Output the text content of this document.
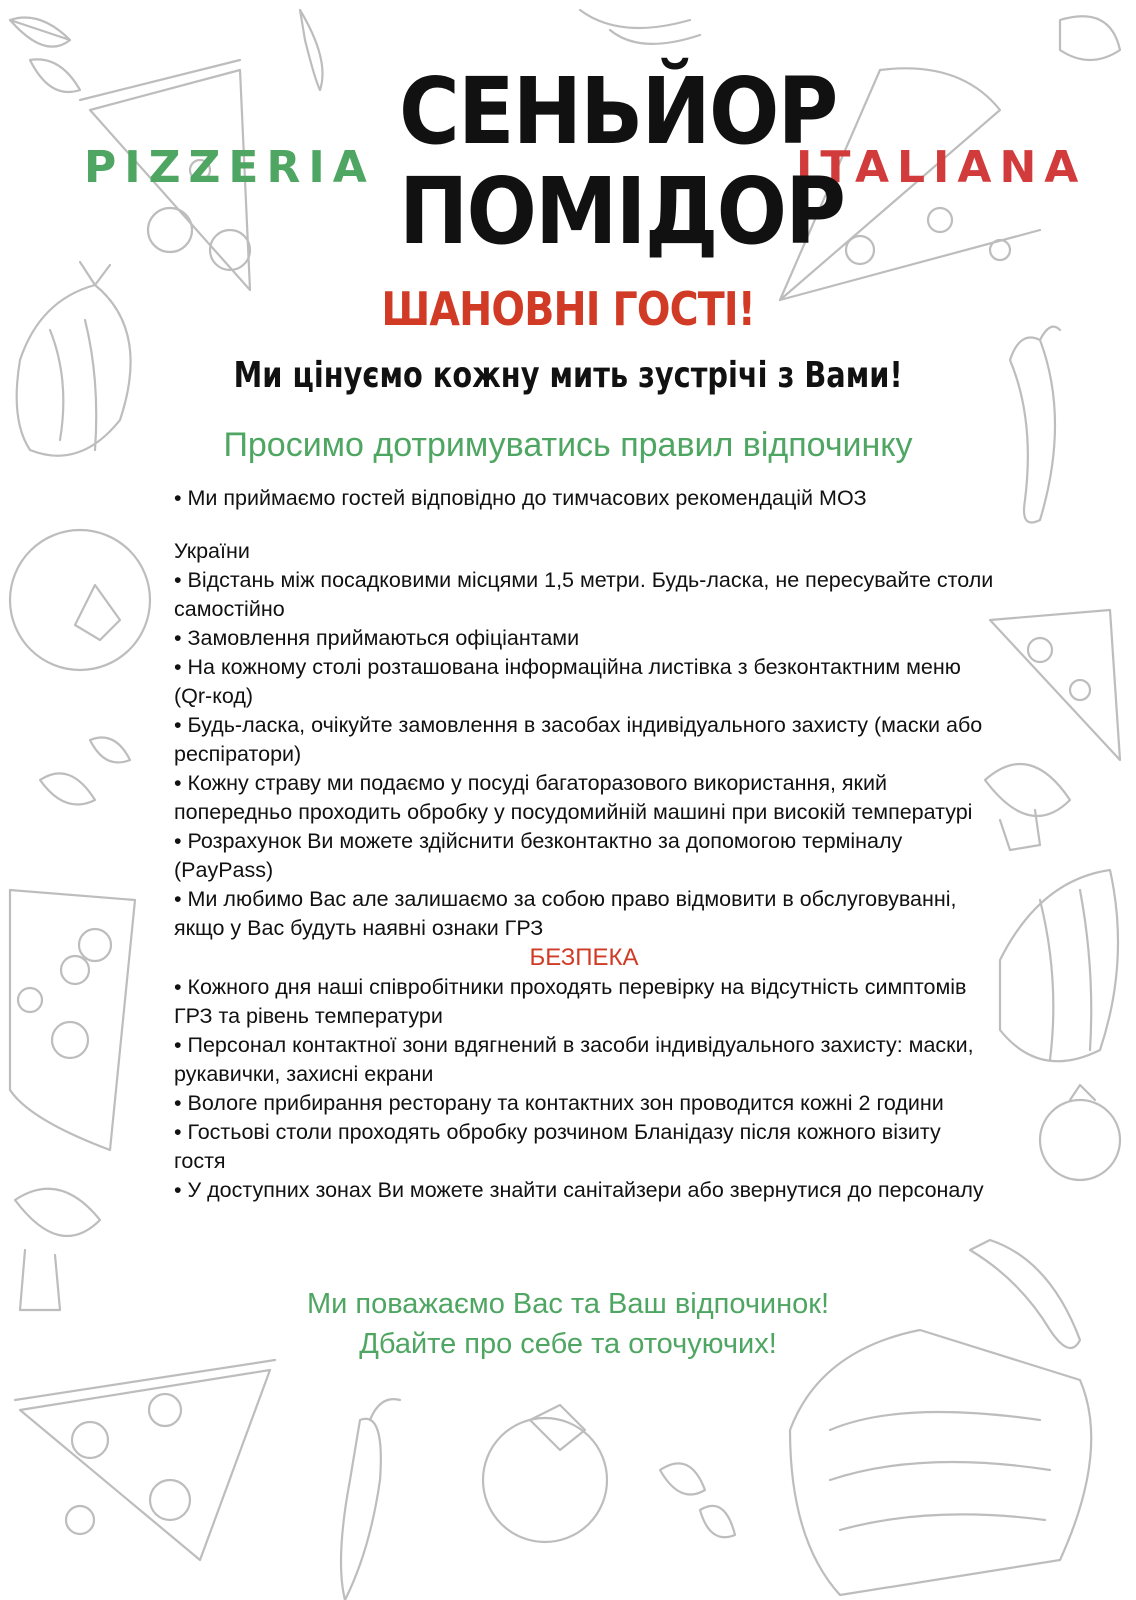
PIZZERIA	ITALIANA
СЕНЬЙОР
ПОМІДОР
ШАНОВНІ ГОСТІ!
Ми цінуємо кожну мить зустрічі з Вами!
Просимо дотримуватись правил відпочинку

• Ми приймаємо гостей відповідно до тимчасових рекомендацій МОЗ

України

• Відстань між посадковими місцями 1,5 метри. Будь-ласка, не пересувайте столи самостійно

• Замовлення приймаються офіціантами

• На кожному столі розташована інформаційна листівка з безконтактним меню (Qr-код)

• Будь-ласка, очікуйте замовлення в засобах індивідуального захисту (маски або респіратори)

• Кожну страву ми подаємо у посуді багаторазового використання, який попередньо проходить обробку у посудомийній машині при високій температурі

• Розрахунок Ви можете здійснити безконтактно за допомогою терміналу (PayPass)

• Ми любимо Вас але залишаємо за собою право відмовити в обслуговуванні, якщо у Вас будуть наявні ознаки ГРЗ

БЕЗПЕКА

• Кожного дня наші співробітники проходять перевірку на відсутність симптомів ГРЗ та рівень температури

• Персонал контактної зони вдягнений в засоби індивідуального захисту: маски, рукавички, захисні екрани

• Вологе прибирання ресторану та контактних зон проводится кожні 2 години

• Гостьові столи проходять обробку розчином Бланідазу після кожного візиту гостя

• У доступних зонах Ви можете знайти санітайзери або звернутися до персоналу

Ми поважаємо Вас та Ваш відпочинок!
Дбайте про себе та оточуючих!
